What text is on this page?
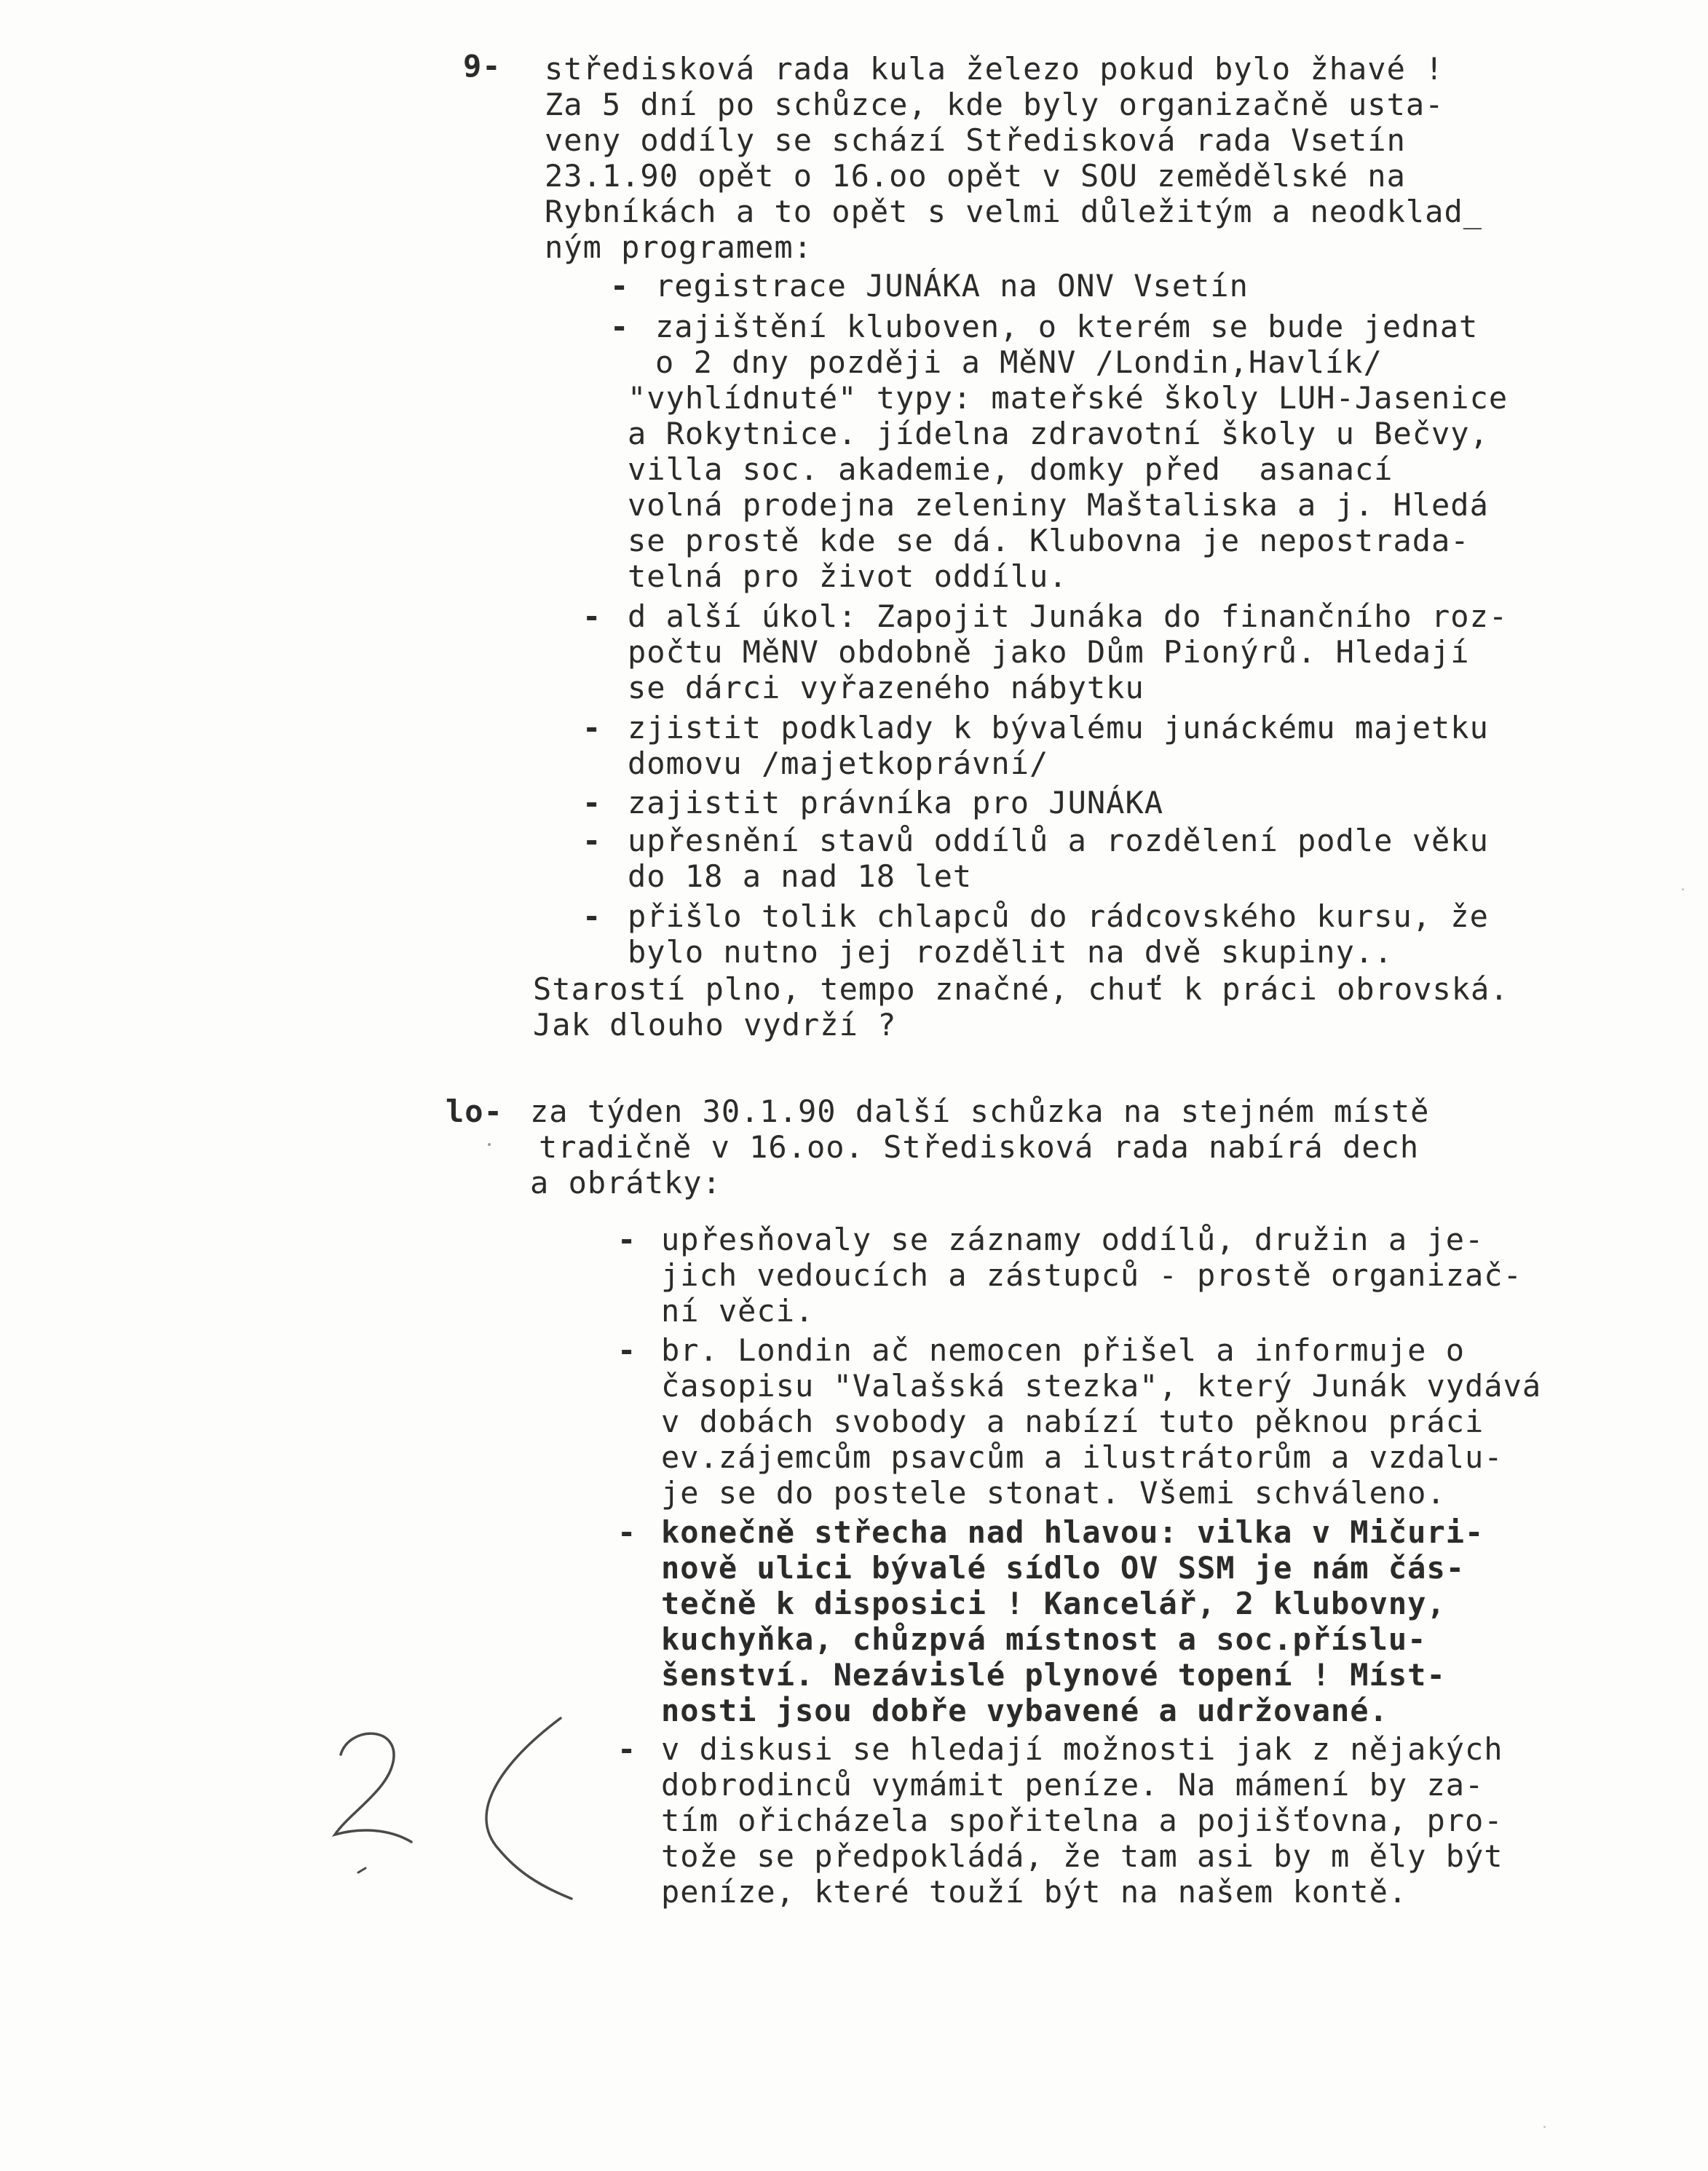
9- středisková rada kula železo pokud bylo žhavé !
Za 5 dní po schůzce, kde byly organizačně usta-
veny oddíly se schází Středisková rada Vsetín
23.1.90 opět o 16.oo opět v SOU zemědělské na
Rybníkách a to opět s velmi důležitým a neodklad_
ným programem:
- registrace JUNÁKA na ONV Vsetín
- zajištění kluboven, o kterém se bude jednat
o 2 dny později a MěNV /Londin,Havlík/
"vyhlídnuté" typy: mateřské školy LUH-Jasenice
a Rokytnice. jídelna zdravotní školy u Bečvy,
villa soc. akademie, domky před  asanací
volná prodejna zeleniny Maštaliska a j. Hledá
se prostě kde se dá. Klubovna je nepostrada-
telná pro život oddílu.
- d alší úkol: Zapojit Junáka do finančního roz-
počtu MěNV obdobně jako Dům Pionýrů. Hledají
se dárci vyřazeného nábytku
- zjistit podklady k bývalému junáckému majetku
domovu /majetkoprávní/
- zajistit právníka pro JUNÁKA
- upřesnění stavů oddílů a rozdělení podle věku
do 18 a nad 18 let
- přišlo tolik chlapců do rádcovského kursu, že
bylo nutno jej rozdělit na dvě skupiny..
Starostí plno, tempo značné, chuť k práci obrovská.
Jak dlouho vydrží ?
lo- za týden 30.1.90 další schůzka na stejném místě
tradičně v 16.oo. Středisková rada nabírá dech
a obrátky:
- upřesňovaly se záznamy oddílů, družin a je-
jich vedoucích a zástupců - prostě organizač-
ní věci.
- br. Londin ač nemocen přišel a informuje o
časopisu "Valašská stezka", který Junák vydává
v dobách svobody a nabízí tuto pěknou práci
ev.zájemcům psavcům a ilustrátorům a vzdalu-
je se do postele stonat. Všemi schváleno.
- konečně střecha nad hlavou: vilka v Mičuri-
nově ulici bývalé sídlo OV SSM je nám čás-
tečně k disposici ! Kancelář, 2 klubovny,
kuchyňka, chůzpvá místnost a soc.příslu-
šenství. Nezávislé plynové topení ! Míst-
nosti jsou dobře vybavené a udržované.
- v diskusi se hledají možnosti jak z nějakých
dobrodinců vymámit peníze. Na mámení by za-
tím ořicházela spořitelna a pojišťovna, pro-
tože se předpokládá, že tam asi by m ěly být
peníze, které touží být na našem kontě.
